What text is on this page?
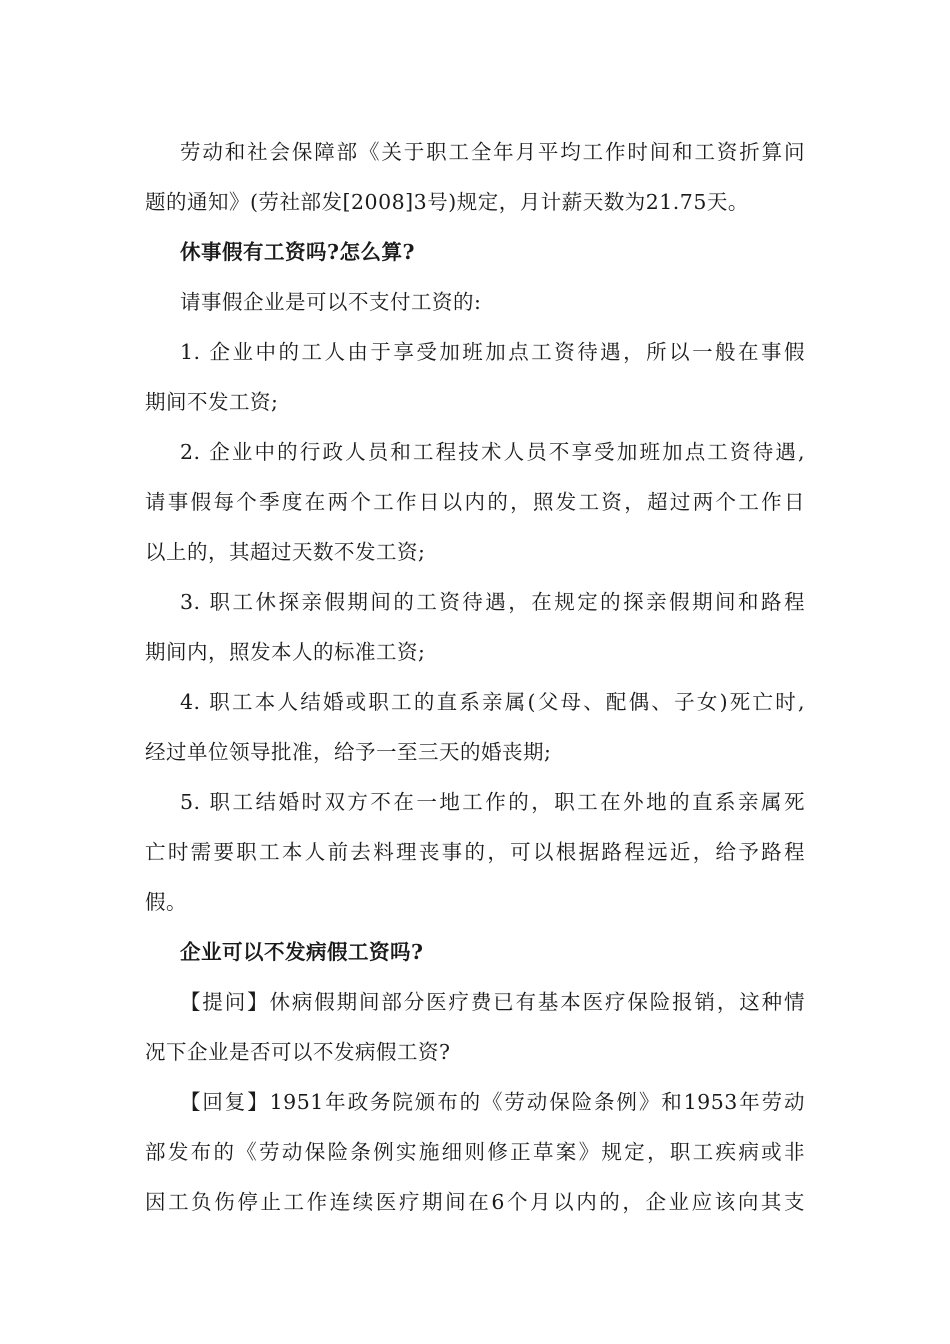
劳动和社会保障部《关于职工全年月平均工作时间和工资折算问
题的通知》(劳社部发[2008]3号)规定，月计薪天数为21.75天。
休事假有工资吗?怎么算?
请事假企业是可以不支付工资的:
1. 企业中的工人由于享受加班加点工资待遇，所以一般在事假
期间不发工资;
2. 企业中的行政人员和工程技术人员不享受加班加点工资待遇,
请事假每个季度在两个工作日以内的，照发工资，超过两个工作日
以上的，其超过天数不发工资;
3. 职工休探亲假期间的工资待遇，在规定的探亲假期间和路程
期间内，照发本人的标准工资;
4. 职工本人结婚或职工的直系亲属(父母、配偶、子女)死亡时,
经过单位领导批准，给予一至三天的婚丧期;
5. 职工结婚时双方不在一地工作的，职工在外地的直系亲属死
亡时需要职工本人前去料理丧事的，可以根据路程远近，给予路程
假。
企业可以不发病假工资吗?
【提问】休病假期间部分医疗费已有基本医疗保险报销，这种情
况下企业是否可以不发病假工资?
【回复】1951年政务院颁布的《劳动保险条例》和1953年劳动
部发布的《劳动保险条例实施细则修正草案》规定，职工疾病或非
因工负伤停止工作连续医疗期间在6个月以内的，企业应该向其支
